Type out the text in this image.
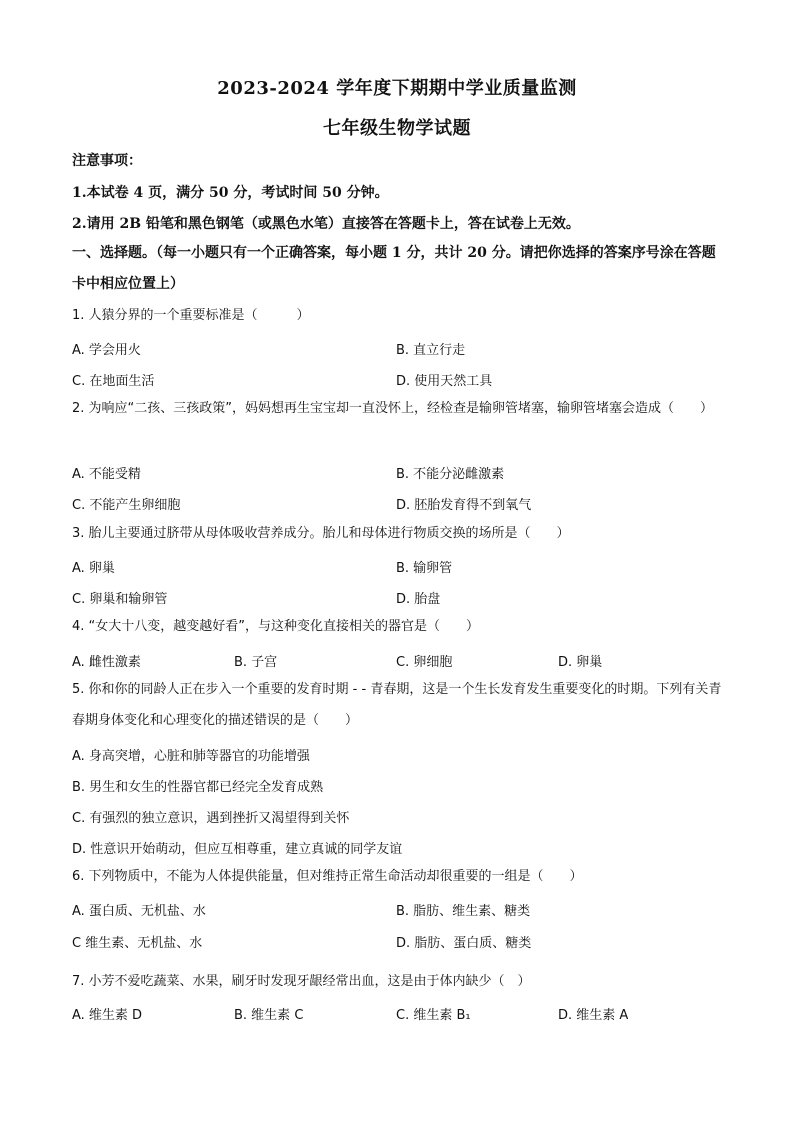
2023-2024 学年度下期期中学业质量监测
七年级生物学试题
注意事项：
1.本试卷 4 页，满分 50 分，考试时间 50 分钟。
2.请用 2B 铅笔和黑色钢笔（或黑色水笔）直接答在答题卡上，答在试卷上无效。
一、选择题。（每一小题只有一个正确答案，每小题 1 分，共计 20 分。请把你选择的答案序号涂在答题卡中相应位置上）
1. 人猿分界的一个重要标准是（　　　）
A. 学会用火	B. 直立行走
C. 在地面生活	D. 使用天然工具
2. 为响应“二孩、三孩政策”，妈妈想再生宝宝却一直没怀上，经检查是输卵管堵塞，输卵管堵塞会造成（　　）
A. 不能受精	B. 不能分泌雌激素
C. 不能产生卵细胞	D. 胚胎发育得不到氧气
3. 胎儿主要通过脐带从母体吸收营养成分。胎儿和母体进行物质交换的场所是（　　）
A. 卵巢	B. 输卵管
C. 卵巢和输卵管	D. 胎盘
4. “女大十八变，越变越好看”，与这种变化直接相关的器官是（　　）
A. 雌性激素	B. 子宫	C. 卵细胞	D. 卵巢
5. 你和你的同龄人正在步入一个重要的发育时期 - - 青春期，这是一个生长发育发生重要变化的时期。下列有关青春期身体变化和心理变化的描述错误的是（　　）
A. 身高突增，心脏和肺等器官的功能增强
B. 男生和女生的性器官都已经完全发育成熟
C. 有强烈的独立意识，遇到挫折又渴望得到关怀
D. 性意识开始萌动，但应互相尊重，建立真诚的同学友谊
6. 下列物质中，不能为人体提供能量，但对维持正常生命活动却很重要的一组是（　　）
A. 蛋白质、无机盐、水	B. 脂肪、维生素、糖类
C 维生素、无机盐、水	D. 脂肪、蛋白质、糖类
7. 小芳不爱吃蔬菜、水果，刷牙时发现牙龈经常出血，这是由于体内缺少（　）
A. 维生素 D	B. 维生素 C	C. 维生素 B₁	D. 维生素 A
